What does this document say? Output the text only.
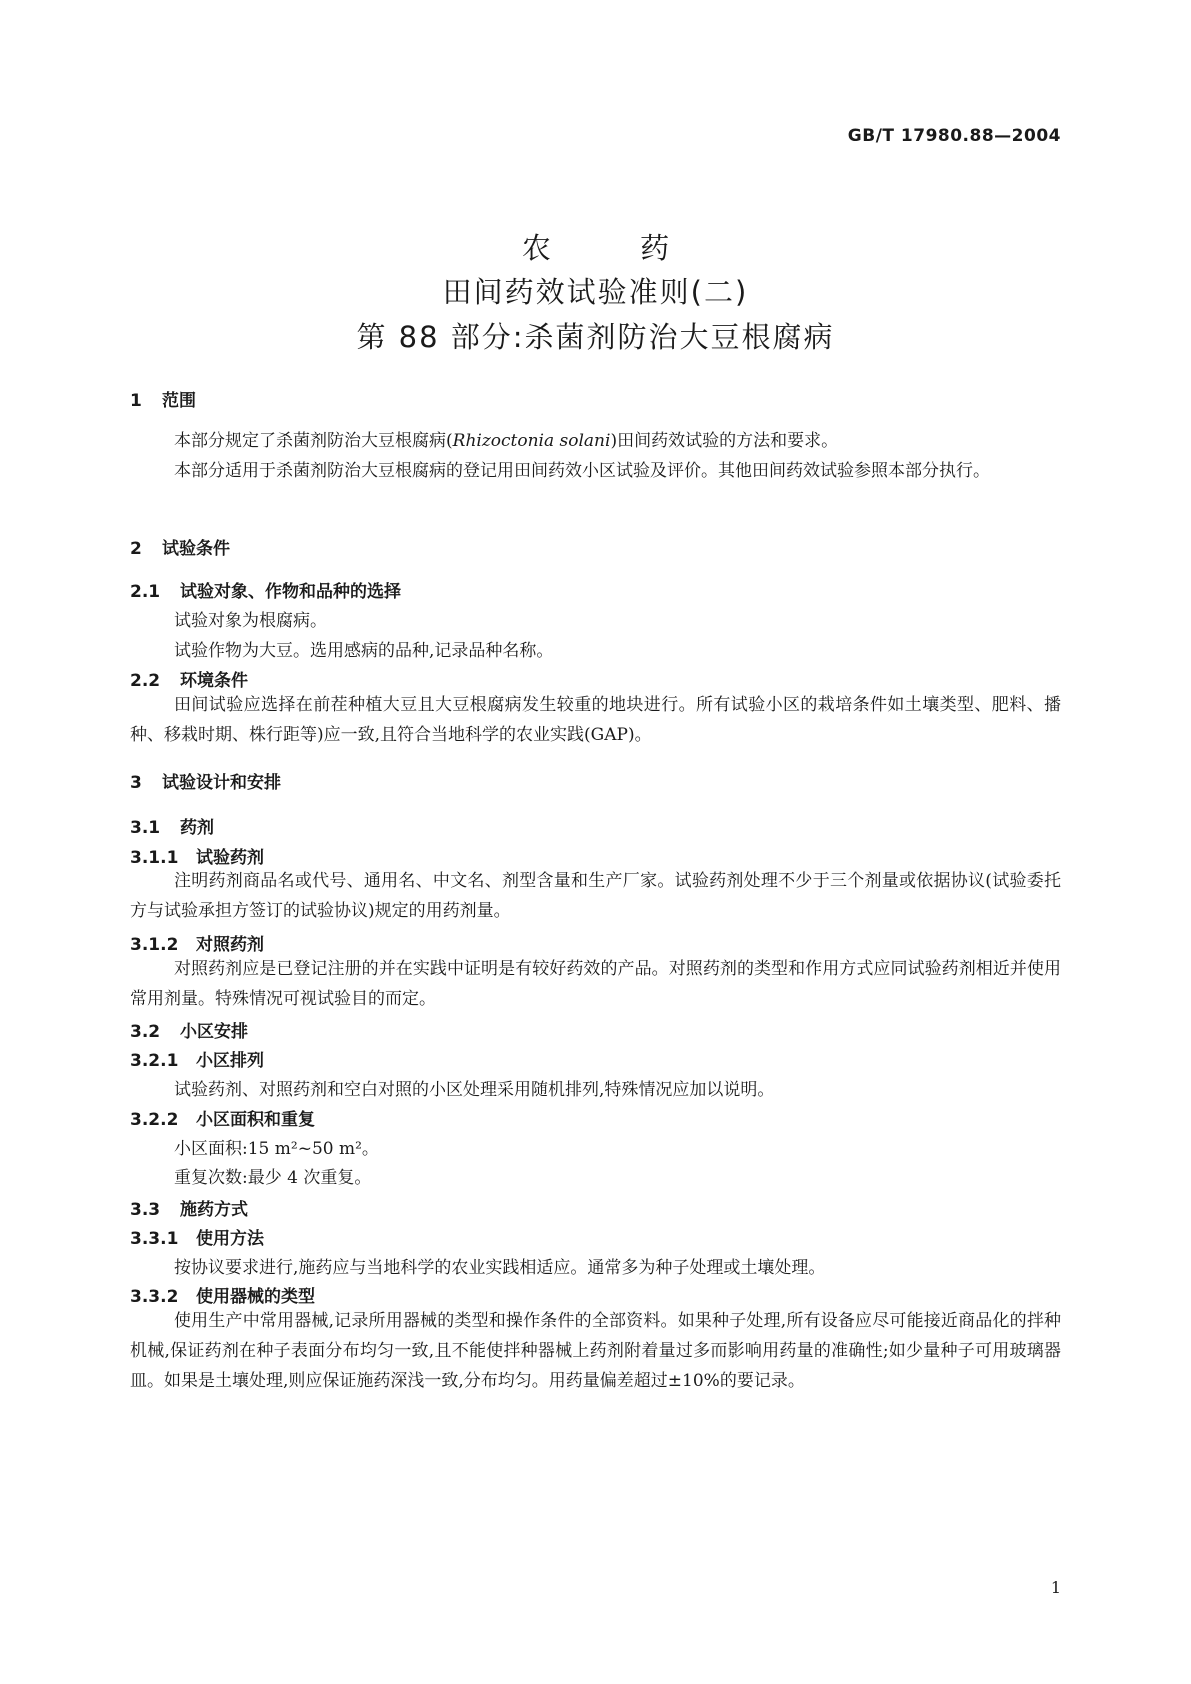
GB/T 17980.88—2004
农 药
田间药效试验准则(二)
第 88 部分:杀菌剂防治大豆根腐病
1 范围
本部分规定了杀菌剂防治大豆根腐病(Rhizoctonia solani)田间药效试验的方法和要求。
本部分适用于杀菌剂防治大豆根腐病的登记用田间药效小区试验及评价。其他田间药效试验参照本部分执行。
2 试验条件
2.1 试验对象、作物和品种的选择
试验对象为根腐病。
试验作物为大豆。选用感病的品种,记录品种名称。
2.2 环境条件
田间试验应选择在前茬种植大豆且大豆根腐病发生较重的地块进行。所有试验小区的栽培条件如土壤类型、肥料、播种、移栽时期、株行距等)应一致,且符合当地科学的农业实践(GAP)。
3 试验设计和安排
3.1 药剂
3.1.1 试验药剂
注明药剂商品名或代号、通用名、中文名、剂型含量和生产厂家。试验药剂处理不少于三个剂量或依据协议(试验委托方与试验承担方签订的试验协议)规定的用药剂量。
3.1.2 对照药剂
对照药剂应是已登记注册的并在实践中证明是有较好药效的产品。对照药剂的类型和作用方式应同试验药剂相近并使用常用剂量。特殊情况可视试验目的而定。
3.2 小区安排
3.2.1 小区排列
试验药剂、对照药剂和空白对照的小区处理采用随机排列,特殊情况应加以说明。
3.2.2 小区面积和重复
小区面积:15 m²~50 m²。
重复次数:最少 4 次重复。
3.3 施药方式
3.3.1 使用方法
按协议要求进行,施药应与当地科学的农业实践相适应。通常多为种子处理或土壤处理。
3.3.2 使用器械的类型
使用生产中常用器械,记录所用器械的类型和操作条件的全部资料。如果种子处理,所有设备应尽可能接近商品化的拌种机械,保证药剂在种子表面分布均匀一致,且不能使拌种器械上药剂附着量过多而影响用药量的准确性;如少量种子可用玻璃器皿。如果是土壤处理,则应保证施药深浅一致,分布均匀。用药量偏差超过±10%的要记录。
1
